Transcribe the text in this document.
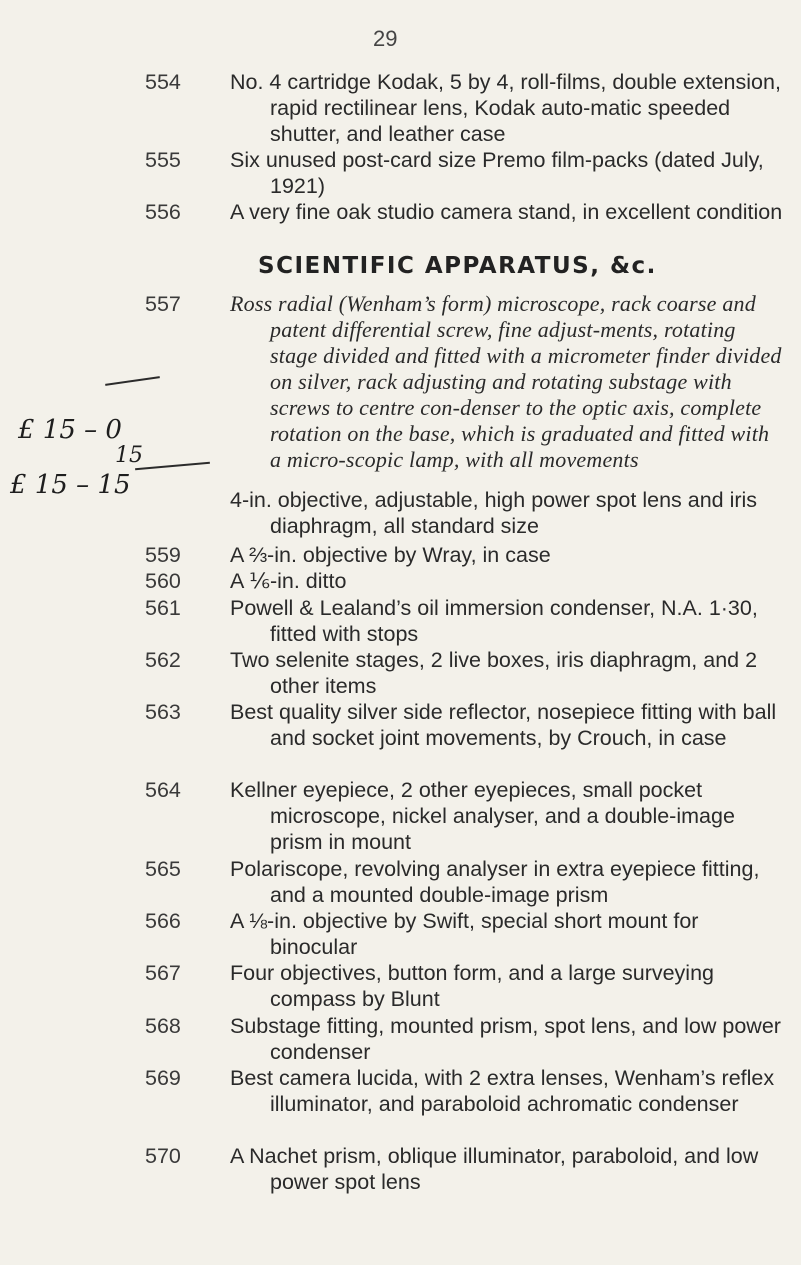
29
554 No. 4 cartridge Kodak, 5 by 4, roll-films, double extension, rapid rectilinear lens, Kodak auto-matic speeded shutter, and leather case
555 Six unused post-card size Premo film-packs (dated July, 1921)
556 A very fine oak studio camera stand, in excellent condition
SCIENTIFIC APPARATUS, &c.
557 Ross radial (Wenham’s form) microscope, rack coarse and patent differential screw, fine adjust-ments, rotating stage divided and fitted with a micrometer finder divided on silver, rack adjusting and rotating substage with screws to centre con-denser to the optic axis, complete rotation on the base, which is graduated and fitted with a micro-scopic lamp, with all movements
£ 15 – 0
15
£ 15 – 15	4-in. objective, adjustable, high power spot lens and iris diaphragm, all standard size
559 A ⅔-in. objective by Wray, in case
560 A ⅙-in. ditto
561 Powell & Lealand’s oil immersion condenser, N.A. 1·30, fitted with stops
562 Two selenite stages, 2 live boxes, iris diaphragm, and 2 other items
563 Best quality silver side reflector, nosepiece fitting with ball and socket joint movements, by Crouch, in case
564 Kellner eyepiece, 2 other eyepieces, small pocket microscope, nickel analyser, and a double-image prism in mount
565 Polariscope, revolving analyser in extra eyepiece fitting, and a mounted double-image prism
566 A ⅛-in. objective by Swift, special short mount for binocular
567 Four objectives, button form, and a large surveying compass by Blunt
568 Substage fitting, mounted prism, spot lens, and low power condenser
569 Best camera lucida, with 2 extra lenses, Wenham’s reflex illuminator, and paraboloid achromatic condenser
570 A Nachet prism, oblique illuminator, paraboloid, and low power spot lens
